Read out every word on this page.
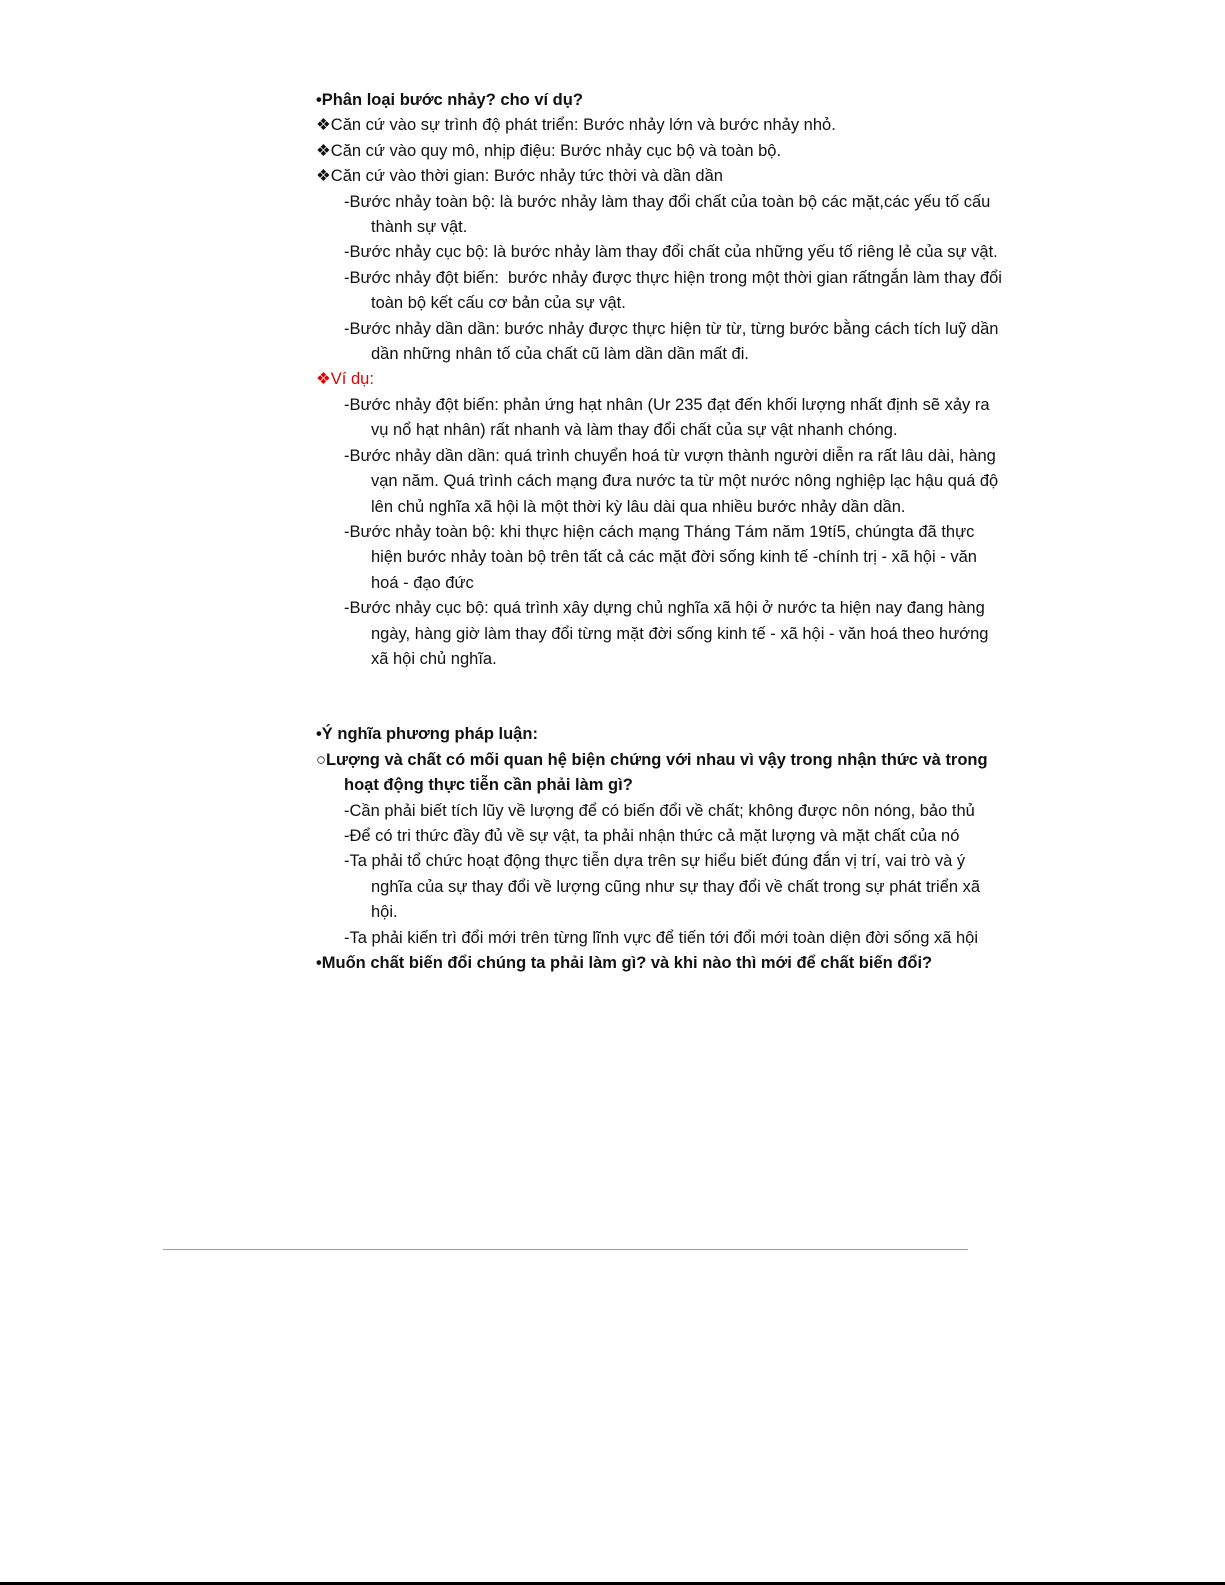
•Phân loại bước nhảy? cho ví dụ?
❖Căn cứ vào sự trình độ phát triển: Bước nhảy lớn và bước nhảy nhỏ.
❖Căn cứ vào quy mô, nhịp điệu: Bước nhảy cục bộ và toàn bộ.
❖Căn cứ vào thời gian: Bước nhảy tức thời và dần dần
-Bước nhảy toàn bộ: là bước nhảy làm thay đổi chất của toàn bộ các mặt,các yếu tố cấu thành sự vật.
-Bước nhảy cục bộ: là bước nhảy làm thay đổi chất của những yếu tố riêng lẻ của sự vật.
-Bước nhảy đột biến:  bước nhảy được thực hiện trong một thời gian rấtngắn làm thay đổi toàn bộ kết cấu cơ bản của sự vật.
-Bước nhảy dần dần: bước nhảy được thực hiện từ từ, từng bước bằng cách tích luỹ dần dần những nhân tố của chất cũ làm dần dần mất đi.
❖Ví dụ:
-Bước nhảy đột biến: phản ứng hạt nhân (Ur 235 đạt đến khối lượng nhất định sẽ xảy ra vụ nổ hạt nhân) rất nhanh và làm thay đổi chất của sự vật nhanh chóng.
-Bước nhảy dần dần: quá trình chuyển hoá từ vượn thành người diễn ra rất lâu dài, hàng vạn năm. Quá trình cách mạng đưa nước ta từ một nước nông nghiệp lạc hậu quá độ lên chủ nghĩa xã hội là một thời kỳ lâu dài qua nhiều bước nhảy dần dần.
-Bước nhảy toàn bộ: khi thực hiện cách mạng Tháng Tám năm 19tí5, chúngta đã thực hiện bước nhảy toàn bộ trên tất cả các mặt đời sống kinh tế -chính trị - xã hội - văn hoá - đạo đức
-Bước nhảy cục bộ: quá trình xây dựng chủ nghĩa xã hội ở nước ta hiện nay đang hàng ngày, hàng giờ làm thay đổi từng mặt đời sống kinh tế - xã hội - văn hoá theo hướng xã hội chủ nghĩa.
•Ý nghĩa phương pháp luận:
○Lượng và chất có mối quan hệ biện chứng với nhau vì vậy trong nhận thức và trong hoạt động thực tiễn cần phải làm gì?
-Cần phải biết tích lũy về lượng để có biến đổi về chất; không được nôn nóng, bảo thủ
-Để có tri thức đầy đủ về sự vật, ta phải nhận thức cả mặt lượng và mặt chất của nó
-Ta phải tổ chức hoạt động thực tiễn dựa trên sự hiểu biết đúng đắn vị trí, vai trò và ý nghĩa của sự thay đổi về lượng cũng như sự thay đổi về chất trong sự phát triển xã hội.
-Ta phải kiến trì đổi mới trên từng lĩnh vực để tiến tới đổi mới toàn diện đời sống xã hội
•Muốn chất biến đổi chúng ta phải làm gì? và khi nào thì mới để chất biến đổi?
